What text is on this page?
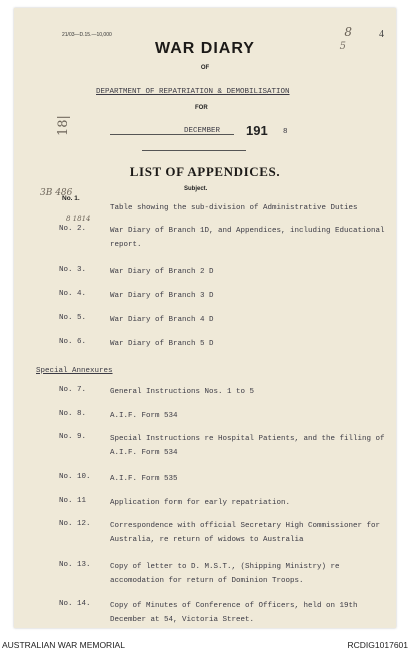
21/03—D.15.—10,000	8
5
4
WAR DIARY
OF
DEPARTMENT OF REPATRIATION & DEMOBILISATION
FOR
DECEMBER 191 8
18|
LIST OF APPENDICES.
Subject.
3B 486
8 1814
No. 1.
Table showing the sub-division of Administrative Duties
No. 2.	War Diary of Branch 1D, and Appendices, including Educational report.
No. 3.	War Diary of Branch 2 D
No. 4.	War Diary of Branch 3 D
No. 5.	War Diary of Branch 4 D
No. 6.	War Diary of Branch 5 D
Special Annexures
No. 7.	General Instructions Nos. 1 to 5
No. 8.	A.I.F. Form 534
No. 9.	Special Instructions re Hospital Patients, and the filling of A.I.F. Form 534
No. 10.	A.I.F. Form 535
No. 11	Application form for early repatriation.
No. 12.	Correspondence with official Secretary High Commissioner for Australia, re return of widows to Australia
No. 13.	Copy of letter to D. M.S.T., (Shipping Ministry) re accomodation for return of Dominion Troops.
No. 14.	Copy of Minutes of Conference of Officers, held on 19th December at 54, Victoria Street.
AUSTRALIAN WAR MEMORIAL	RCDIG1017601
